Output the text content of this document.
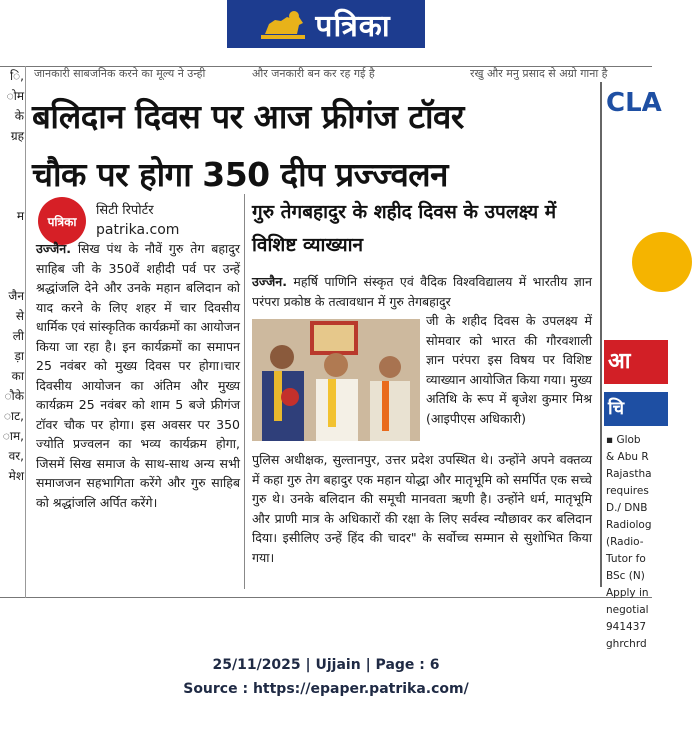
पत्रिका
जानकारी साबजनिक करने का मूल्य ने उन्ही	और जनकारी बन कर रह गई है	रखु और मनु प्रसाद से अग्रो गाना है
ि,
ोम
के
ग्रह

म

जैन
से
ली
ड़ा
का
ौके
ाट,
ाम,
वर,
मेश
बलिदान दिवस पर आज फ्रीगंज टॉवर
चौक पर होगा 350 दीप प्रज्ज्वलन
पत्रिका
सिटी रिपोर्टर
patrika.com
उज्जैन. सिख पंथ के नौवें गुरु तेग बहादुर साहिब जी के 350वें शहीदी पर्व पर उन्हें श्रद्धांजलि देने और उनके महान बलिदान को याद करने के लिए शहर में चार दिवसीय धार्मिक एवं सांस्कृतिक कार्यक्रमों का आयोजन किया जा रहा है। इन कार्यक्रमों का समापन 25 नवंबर को मुख्य दिवस पर होगा।चार दिवसीय आयोजन का अंतिम और मुख्य कार्यक्रम 25 नवंबर को शाम 5 बजे फ्रीगंज टॉवर चौक पर होगा। इस अवसर पर 350 ज्योति प्रज्वलन का भव्य कार्यक्रम होगा, जिसमें सिख समाज के साथ-साथ अन्य सभी समाजजन सहभागिता करेंगे और गुरु साहिब को श्रद्धांजलि अर्पित करेंगे।
गुरु तेगबहादुर के शहीद दिवस के उपलक्ष्य में विशिष्ट व्याख्यान
उज्जैन. महर्षि पाणिनि संस्कृत एवं वैदिक विश्वविद्यालय में भारतीय ज्ञान परंपरा प्रकोष्ठ के तत्वावधान में गुरु तेगबहादुर
जी के शहीद दिवस के उपलक्ष्य में सोमवार को भारत की गौरवशाली ज्ञान परंपरा इस विषय पर विशिष्ट व्याख्यान आयोजित किया गया। मुख्य अतिथि के रूप में बृजेश कुमार मिश्र (आइपीएस अधिकारी)
पुलिस अधीक्षक, सुल्तानपुर, उत्तर प्रदेश उपस्थित थे। उन्होंने अपने वक्तव्य में कहा गुरु तेग बहादुर एक महान योद्धा और मातृभूमि को समर्पित एक सच्चे गुरु थे। उनके बलिदान की समूची मानवता ऋणी है। उन्होंने धर्म, मातृभूमि और प्राणी मात्र के अधिकारों की रक्षा के लिए सर्वस्व न्यौछावर कर बलिदान दिया। इसीलिए उन्हें हिंद की चादर" के सर्वोच्च सम्मान से सुशोभित किया गया।
CLA
आ
चि
▪ Glob
& Abu R
Rajastha
requires
D./ DNB
Radiolog
(Radio-
Tutor fo
BSc (N)
Apply in
negotial
941437
ghrchrd
25/11/2025 | Ujjain | Page : 6
Source : https://epaper.patrika.com/
